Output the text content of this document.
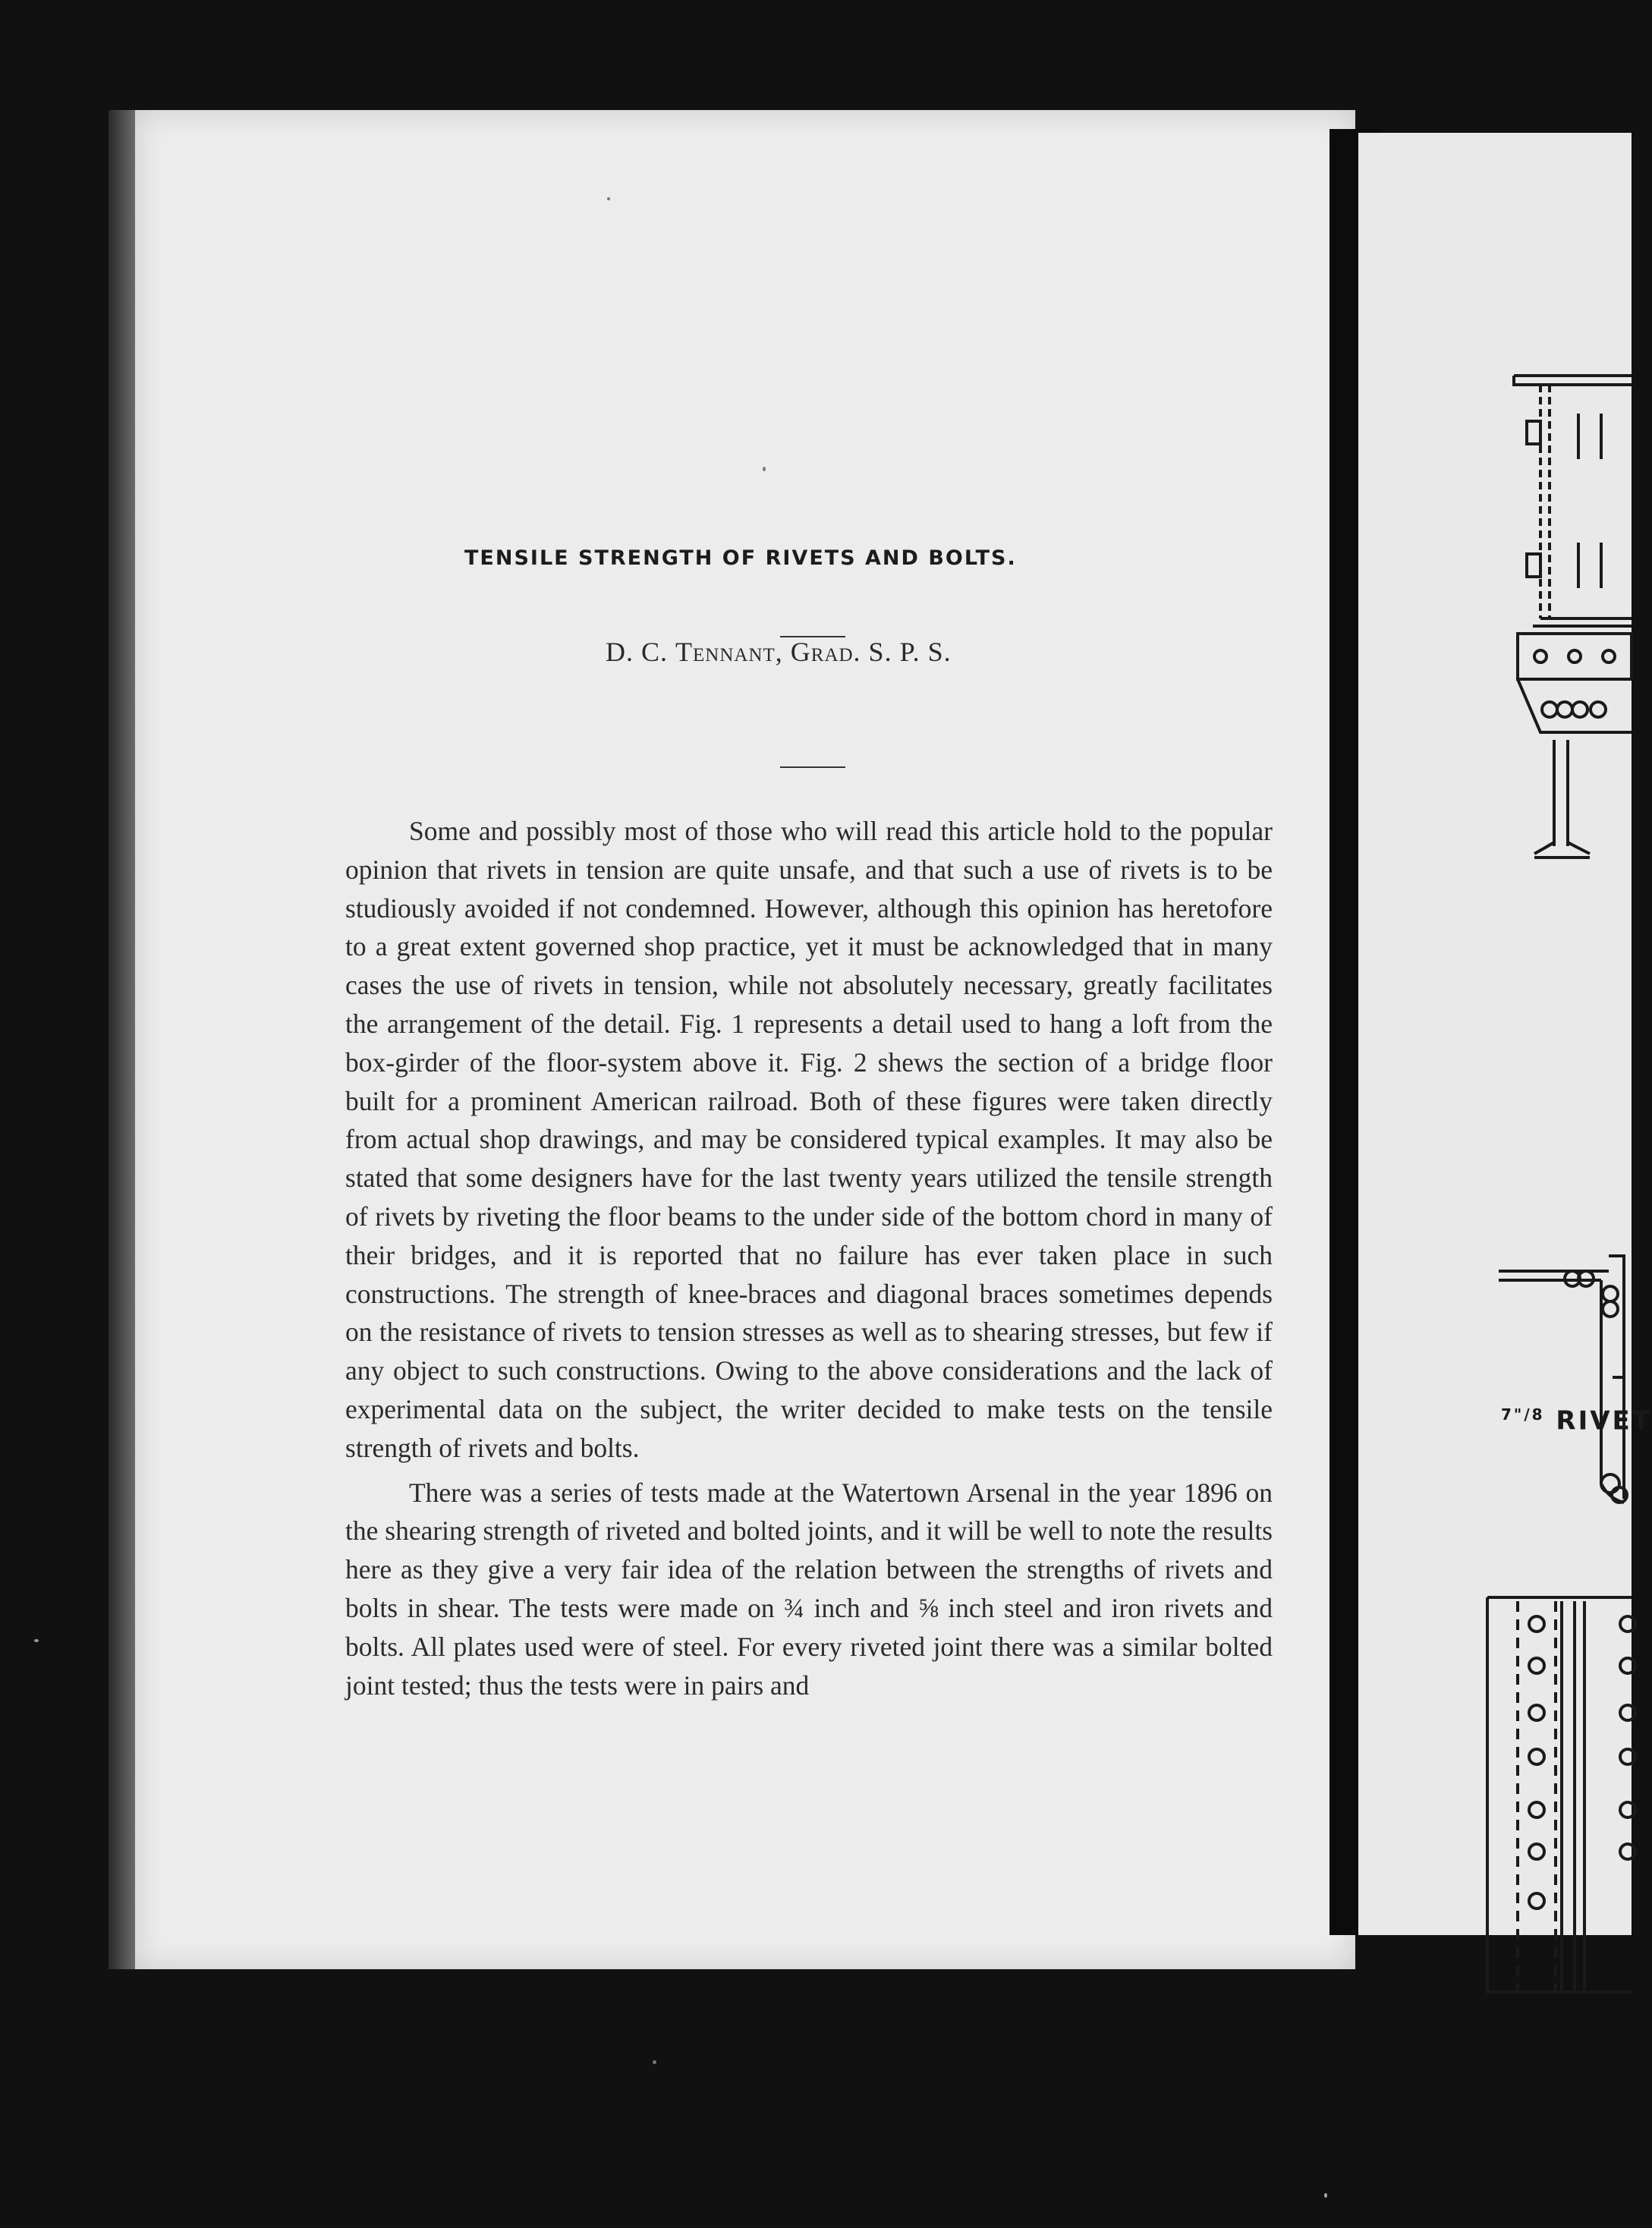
TENSILE STRENGTH OF RIVETS AND BOLTS.
D. C. Tennant, Grad. S. P. S.

Some and possibly most of those who will read this article hold to the popular opinion that rivets in tension are quite unsafe, and that such a use of rivets is to be studiously avoided if not condemned. However, although this opinion has heretofore to a great extent governed shop practice, yet it must be acknowledged that in many cases the use of rivets in tension, while not absolutely necessary, greatly facilitates the arrangement of the detail. Fig. 1 represents a detail used to hang a loft from the box-girder of the floor-system above it. Fig. 2 shews the section of a bridge floor built for a prominent American railroad. Both of these figures were taken directly from actual shop drawings, and may be considered typical examples. It may also be stated that some designers have for the last twenty years utilized the tensile strength of rivets by riveting the floor beams to the under side of the bottom chord in many of their bridges, and it is reported that no failure has ever taken place in such constructions. The strength of knee-braces and diagonal braces sometimes depends on the resistance of rivets to tension stresses as well as to shearing stresses, but few if any object to such constructions. Owing to the above considerations and the lack of experimental data on the subject, the writer decided to make tests on the tensile strength of rivets and bolts.

There was a series of tests made at the Watertown Arsenal in the year 1896 on the shearing strength of riveted and bolted joints, and it will be well to note the results here as they give a very fair idea of the relation between the strengths of rivets and bolts in shear. The tests were made on ¾ inch and ⅝ inch steel and iron rivets and bolts. All plates used were of steel. For every riveted joint there was a similar bolted joint tested; thus the tests were in pairs and

$^{7"/8}$ RIVET
